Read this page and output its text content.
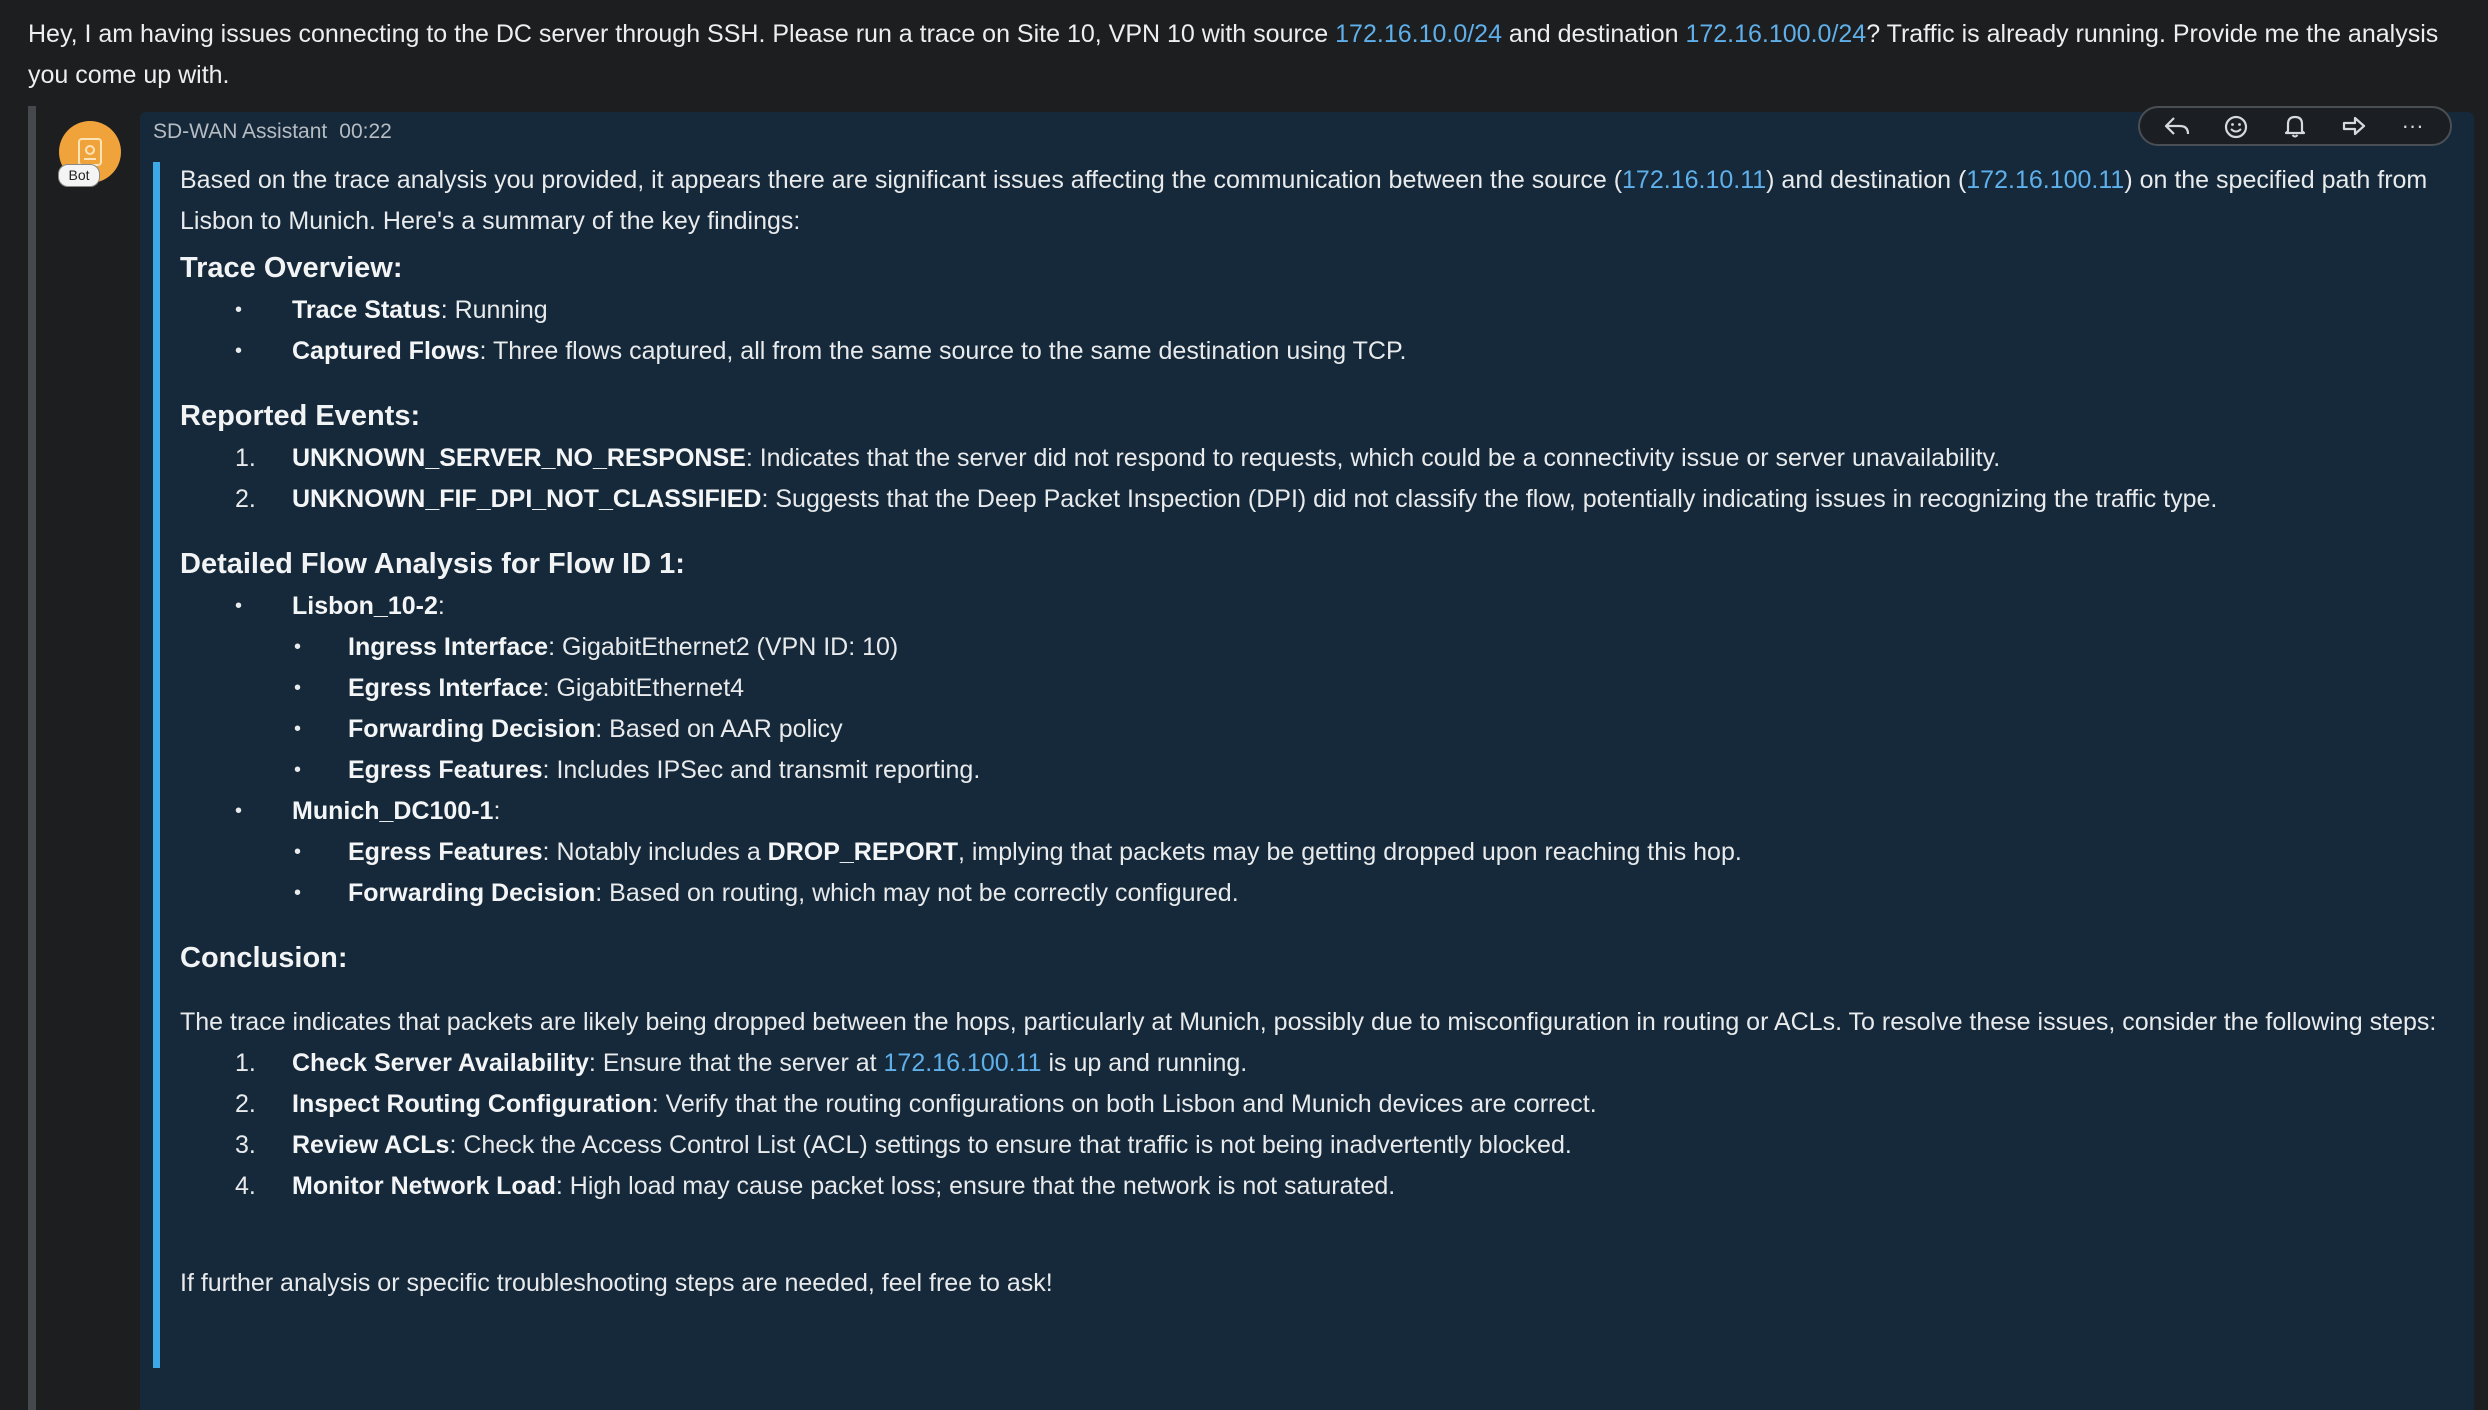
Hey, I am having issues connecting to the DC server through SSH. Please run a trace on Site 10, VPN 10 with source 172.16.10.0/24 and destination 172.16.100.0/24? Traffic is already running. Provide me the analysis you come up with.
Bot
SD-WAN Assistant 00:22	···

Based on the trace analysis you provided, it appears there are significant issues affecting the communication between the source (172.16.10.11) and destination (172.16.100.11) on the specified path from Lisbon to Munich. Here's a summary of the key findings:

Trace Overview:
• Trace Status: Running
• Captured Flows: Three flows captured, all from the same source to the same destination using TCP.
Reported Events:
1. UNKNOWN_SERVER_NO_RESPONSE: Indicates that the server did not respond to requests, which could be a connectivity issue or server unavailability.
2. UNKNOWN_FIF_DPI_NOT_CLASSIFIED: Suggests that the Deep Packet Inspection (DPI) did not classify the flow, potentially indicating issues in recognizing the traffic type.
Detailed Flow Analysis for Flow ID 1:
• Lisbon_10-2:
• Ingress Interface: GigabitEthernet2 (VPN ID: 10)
• Egress Interface: GigabitEthernet4
• Forwarding Decision: Based on AAR policy
• Egress Features: Includes IPSec and transmit reporting.
• Munich_DC100-1:
• Egress Features: Notably includes a DROP_REPORT, implying that packets may be getting dropped upon reaching this hop.
• Forwarding Decision: Based on routing, which may not be correctly configured.
Conclusion:

The trace indicates that packets are likely being dropped between the hops, particularly at Munich, possibly due to misconfiguration in routing or ACLs. To resolve these issues, consider the following steps:

1. Check Server Availability: Ensure that the server at 172.16.100.11 is up and running.
2. Inspect Routing Configuration: Verify that the routing configurations on both Lisbon and Munich devices are correct.
3. Review ACLs: Check the Access Control List (ACL) settings to ensure that traffic is not being inadvertently blocked.
4. Monitor Network Load: High load may cause packet loss; ensure that the network is not saturated.

If further analysis or specific troubleshooting steps are needed, feel free to ask!
